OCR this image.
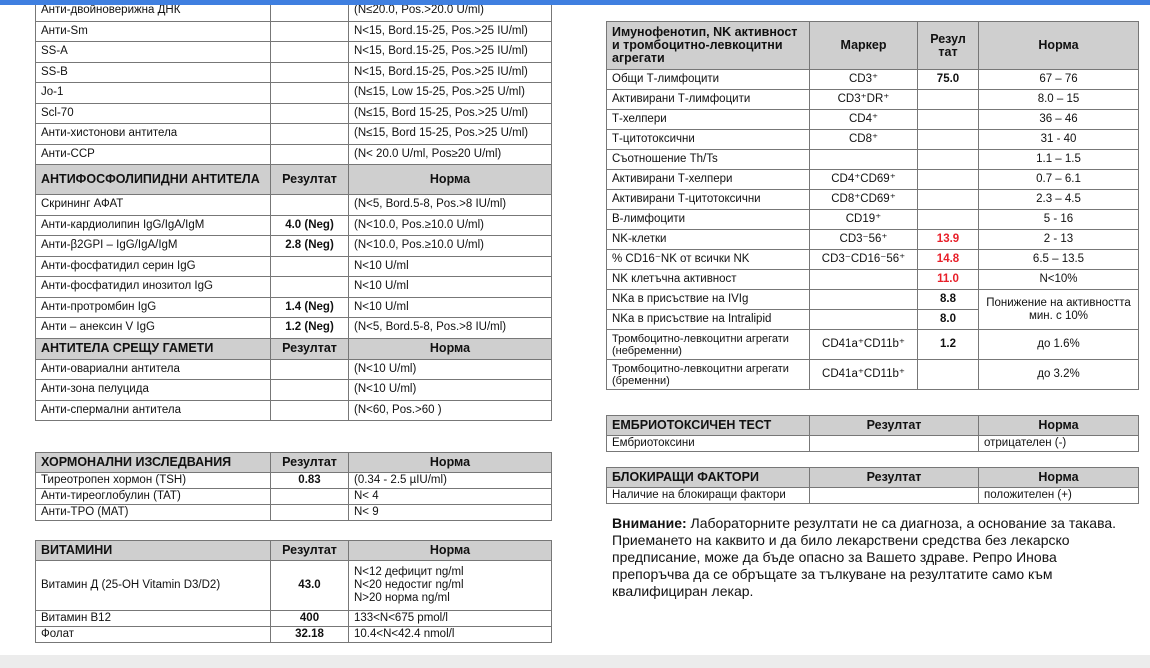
Анти-двойноверижна ДНК		(N≤20.0, Pos.>20.0 U/ml)
Анти-Sm		N<15, Bord.15-25, Pos.>25 IU/ml)
SS-A		N<15, Bord.15-25, Pos.>25 IU/ml)
SS-B		N<15, Bord.15-25, Pos.>25 IU/ml)
Jo-1		(N≤15, Low 15-25, Pos.>25 U/ml)
Scl-70		(N≤15, Bord 15-25, Pos.>25 U/ml)
Анти-хистонови антитела		(N≤15, Bord 15-25, Pos.>25 U/ml)
Анти-CCP		(N< 20.0 U/ml, Pos≥20 U/ml)
АНТИФОСФОЛИПИДНИ АНТИТЕЛА	Резултат	Норма
Скрининг АФАТ		(N<5, Bord.5-8, Pos.>8 IU/ml)
Анти-кардиолипин IgG/IgA/IgM	4.0 (Neg)	(N<10.0, Pos.≥10.0 U/ml)
Анти-β2GPI – IgG/IgA/IgM	2.8 (Neg)	(N<10.0, Pos.≥10.0 U/ml)
Анти-фосфатидил серин IgG		N<10 U/ml
Анти-фосфатидил инозитол IgG		N<10 U/ml
Анти-протромбин IgG	1.4 (Neg)	N<10 U/ml
Анти – анексин V IgG	1.2 (Neg)	(N<5, Bord.5-8, Pos.>8 IU/ml)
АНТИТЕЛА СРЕЩУ ГАМЕТИ	Резултат	Норма
Анти-овариални антитела		(N<10 U/ml)
Анти-зона пелуцида		(N<10 U/ml)
Анти-спермални антитела		(N<60, Pos.>60 )
ХОРМОНАЛНИ ИЗСЛЕДВАНИЯ	Резултат	Норма
Тиреотропен хормон (TSH)	0.83	(0.34 - 2.5 µIU/ml)
Анти-тиреоглобулин (TAT)		N< 4
Анти-TPO (MAT)		N< 9
ВИТАМИНИ	Резултат	Норма
Витамин Д (25-OH Vitamin D3/D2)	43.0	N<12 дефицит ng/ml
N<20 недостиг ng/ml
N>20 норма ng/ml

Витамин B12	400	133<N<675 pmol/l
Фолат	32.18	10.4<N<42.4 nmol/l
Имунофенотип, NK активност и тромбоцитно-левкоцитни агрегати	Маркер	Резул тат	Норма
Общи Т-лимфоцити	CD3⁺	75.0	67 – 76
Активирани Т-лимфоцити	CD3⁺DR⁺		8.0 – 15
Т-хелпери	CD4⁺		36 – 46
Т-цитотоксични	CD8⁺		31 - 40
Съотношение Th/Ts			1.1 – 1.5
Активирани Т-хелпери	CD4⁺CD69⁺		0.7 – 6.1
Активирани Т-цитотоксични	CD8⁺CD69⁺		2.3 – 4.5
В-лимфоцити	CD19⁺		5 - 16
NK-клетки	CD3⁻56⁺	13.9	2 - 13
% CD16⁻NK от всички NK	CD3⁻CD16⁻56⁺	14.8	6.5 – 13.5
NK клетъчна активност		11.0	N<10%
NKa в присъствие на IVIg		8.8	Понижение на активността мин. с 10%
NKa в присъствие на Intralipid		8.0	
Тромбоцитно-левкоцитни агрегати (небременни)	CD41a⁺CD11b⁺	1.2	до 1.6%
Тромбоцитно-левкоцитни агрегати (бременни)	CD41a⁺CD11b⁺		до 3.2%
ЕМБРИОТОКСИЧЕН ТЕСТ	Резултат	Норма
Ембриотоксини		отрицателен (-)
БЛОКИРАЩИ ФАКТОРИ	Резултат	Норма
Наличие на блокиращи фактори		положителен (+)
Внимание: Лабораторните резултати не са диагноза, а основание за такава. Приемането на каквито и да било лекарствени средства без лекарско предписание, може да бъде опасно за Вашето здраве. Репро Инова препоръчва да се обръщате за тълкуване на резултатите само към квалифициран лекар.
